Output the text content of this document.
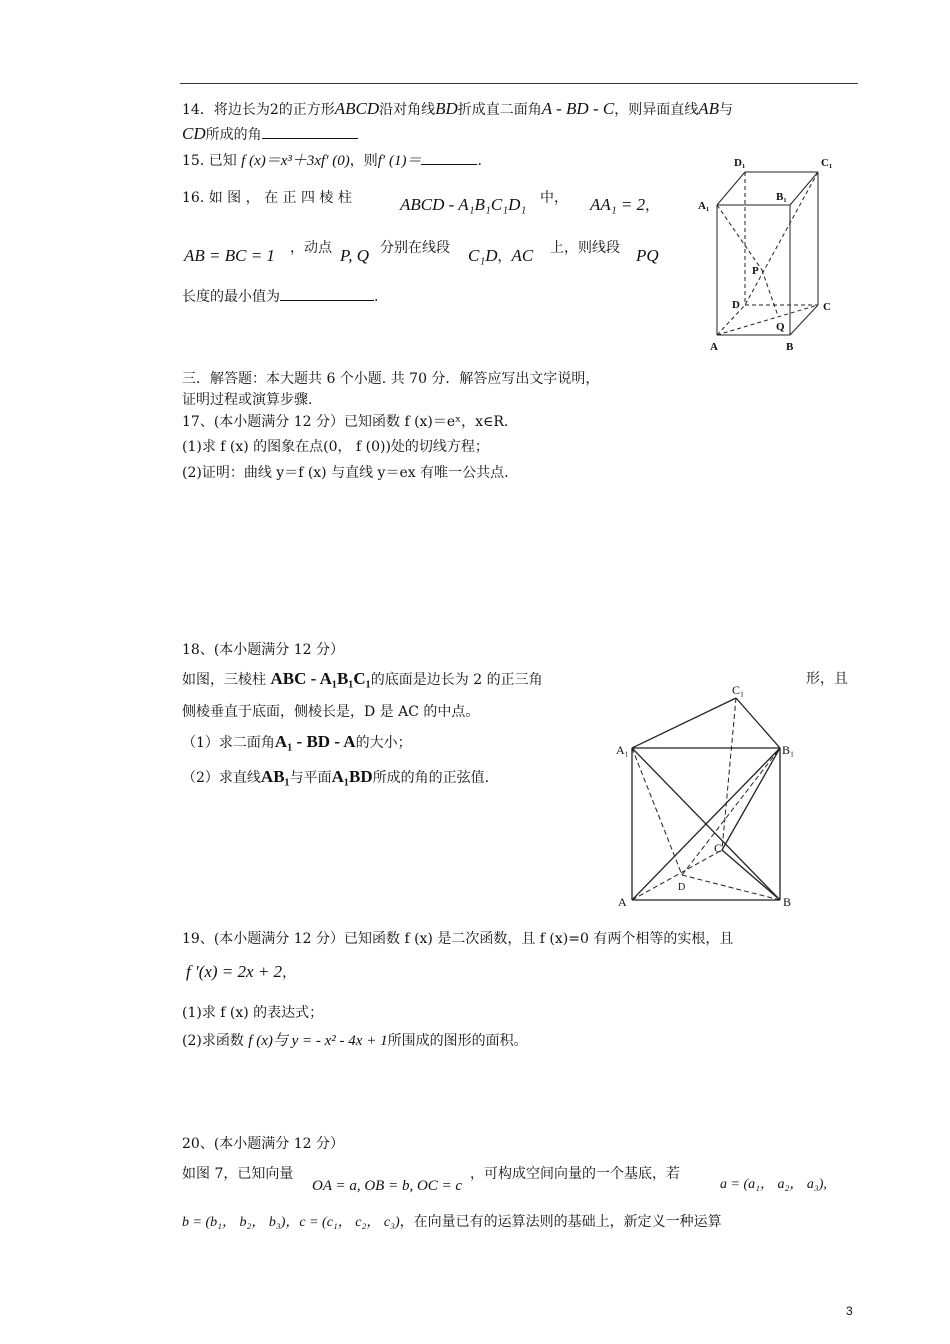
14．将边长为2的正方形ABCD沿对角线BD折成直二面角A - BD - C，则异面直线AB与
CD所成的角
15. 已知 f (x)＝x³＋3xf′ (0)，则f′ (1)＝	.
16. 如 图 ， 在 正 四 棱 柱	ABCD - A₁B₁C₁D₁ 中， AA₁ = 2，
AB = BC = 1 ，动点 P, Q 分别在线段 C₁D，AC 上，则线段 PQ
长度的最小值为	.
D₁	C₁
A₁
B₁
P
D	C
Q
A	B
三．解答题：本大题共 6 个小题. 共 70 分．解答应写出文字说明，
证明过程或演算步骤.
17、(本小题满分 12 分）已知函数 f (x)＝eˣ，x∈R.
(1)求 f (x) 的图象在点(0， f (0))处的切线方程；
(2)证明：曲线 y＝f (x) 与直线 y＝ex 有唯一公共点.
18、(本小题满分 12 分）
如图，三棱柱 ABC - A₁B₁C₁的底面是边长为 2 的正三角	形，且
侧棱垂直于底面，侧棱长是，D 是 AC 的中点。
（1）求二面角A₁ - BD - A的大小；
（2）求直线AB₁与平面A₁BD所成的角的正弦值.
C₁
A₁	B₁
C
D
A	B
19、(本小题满分 12 分）已知函数 f (x) 是二次函数，且 f (x)=0 有两个相等的实根，且
f ′(x) = 2x + 2，
(1)求 f (x) 的表达式；
(2)求函数 f (x)与 y = - x² - 4x + 1所围成的图形的面积。
20、(本小题满分 12 分）
如图 7，已知向量
OA = a, OB = b, OC = c
，可构成空间向量的一个基底，若
a = (a₁， a₂， a₃),
b = (b₁， b₂， b₃)，c = (c₁， c₂， c₃)，在向量已有的运算法则的基础上，新定义一种运算
3
